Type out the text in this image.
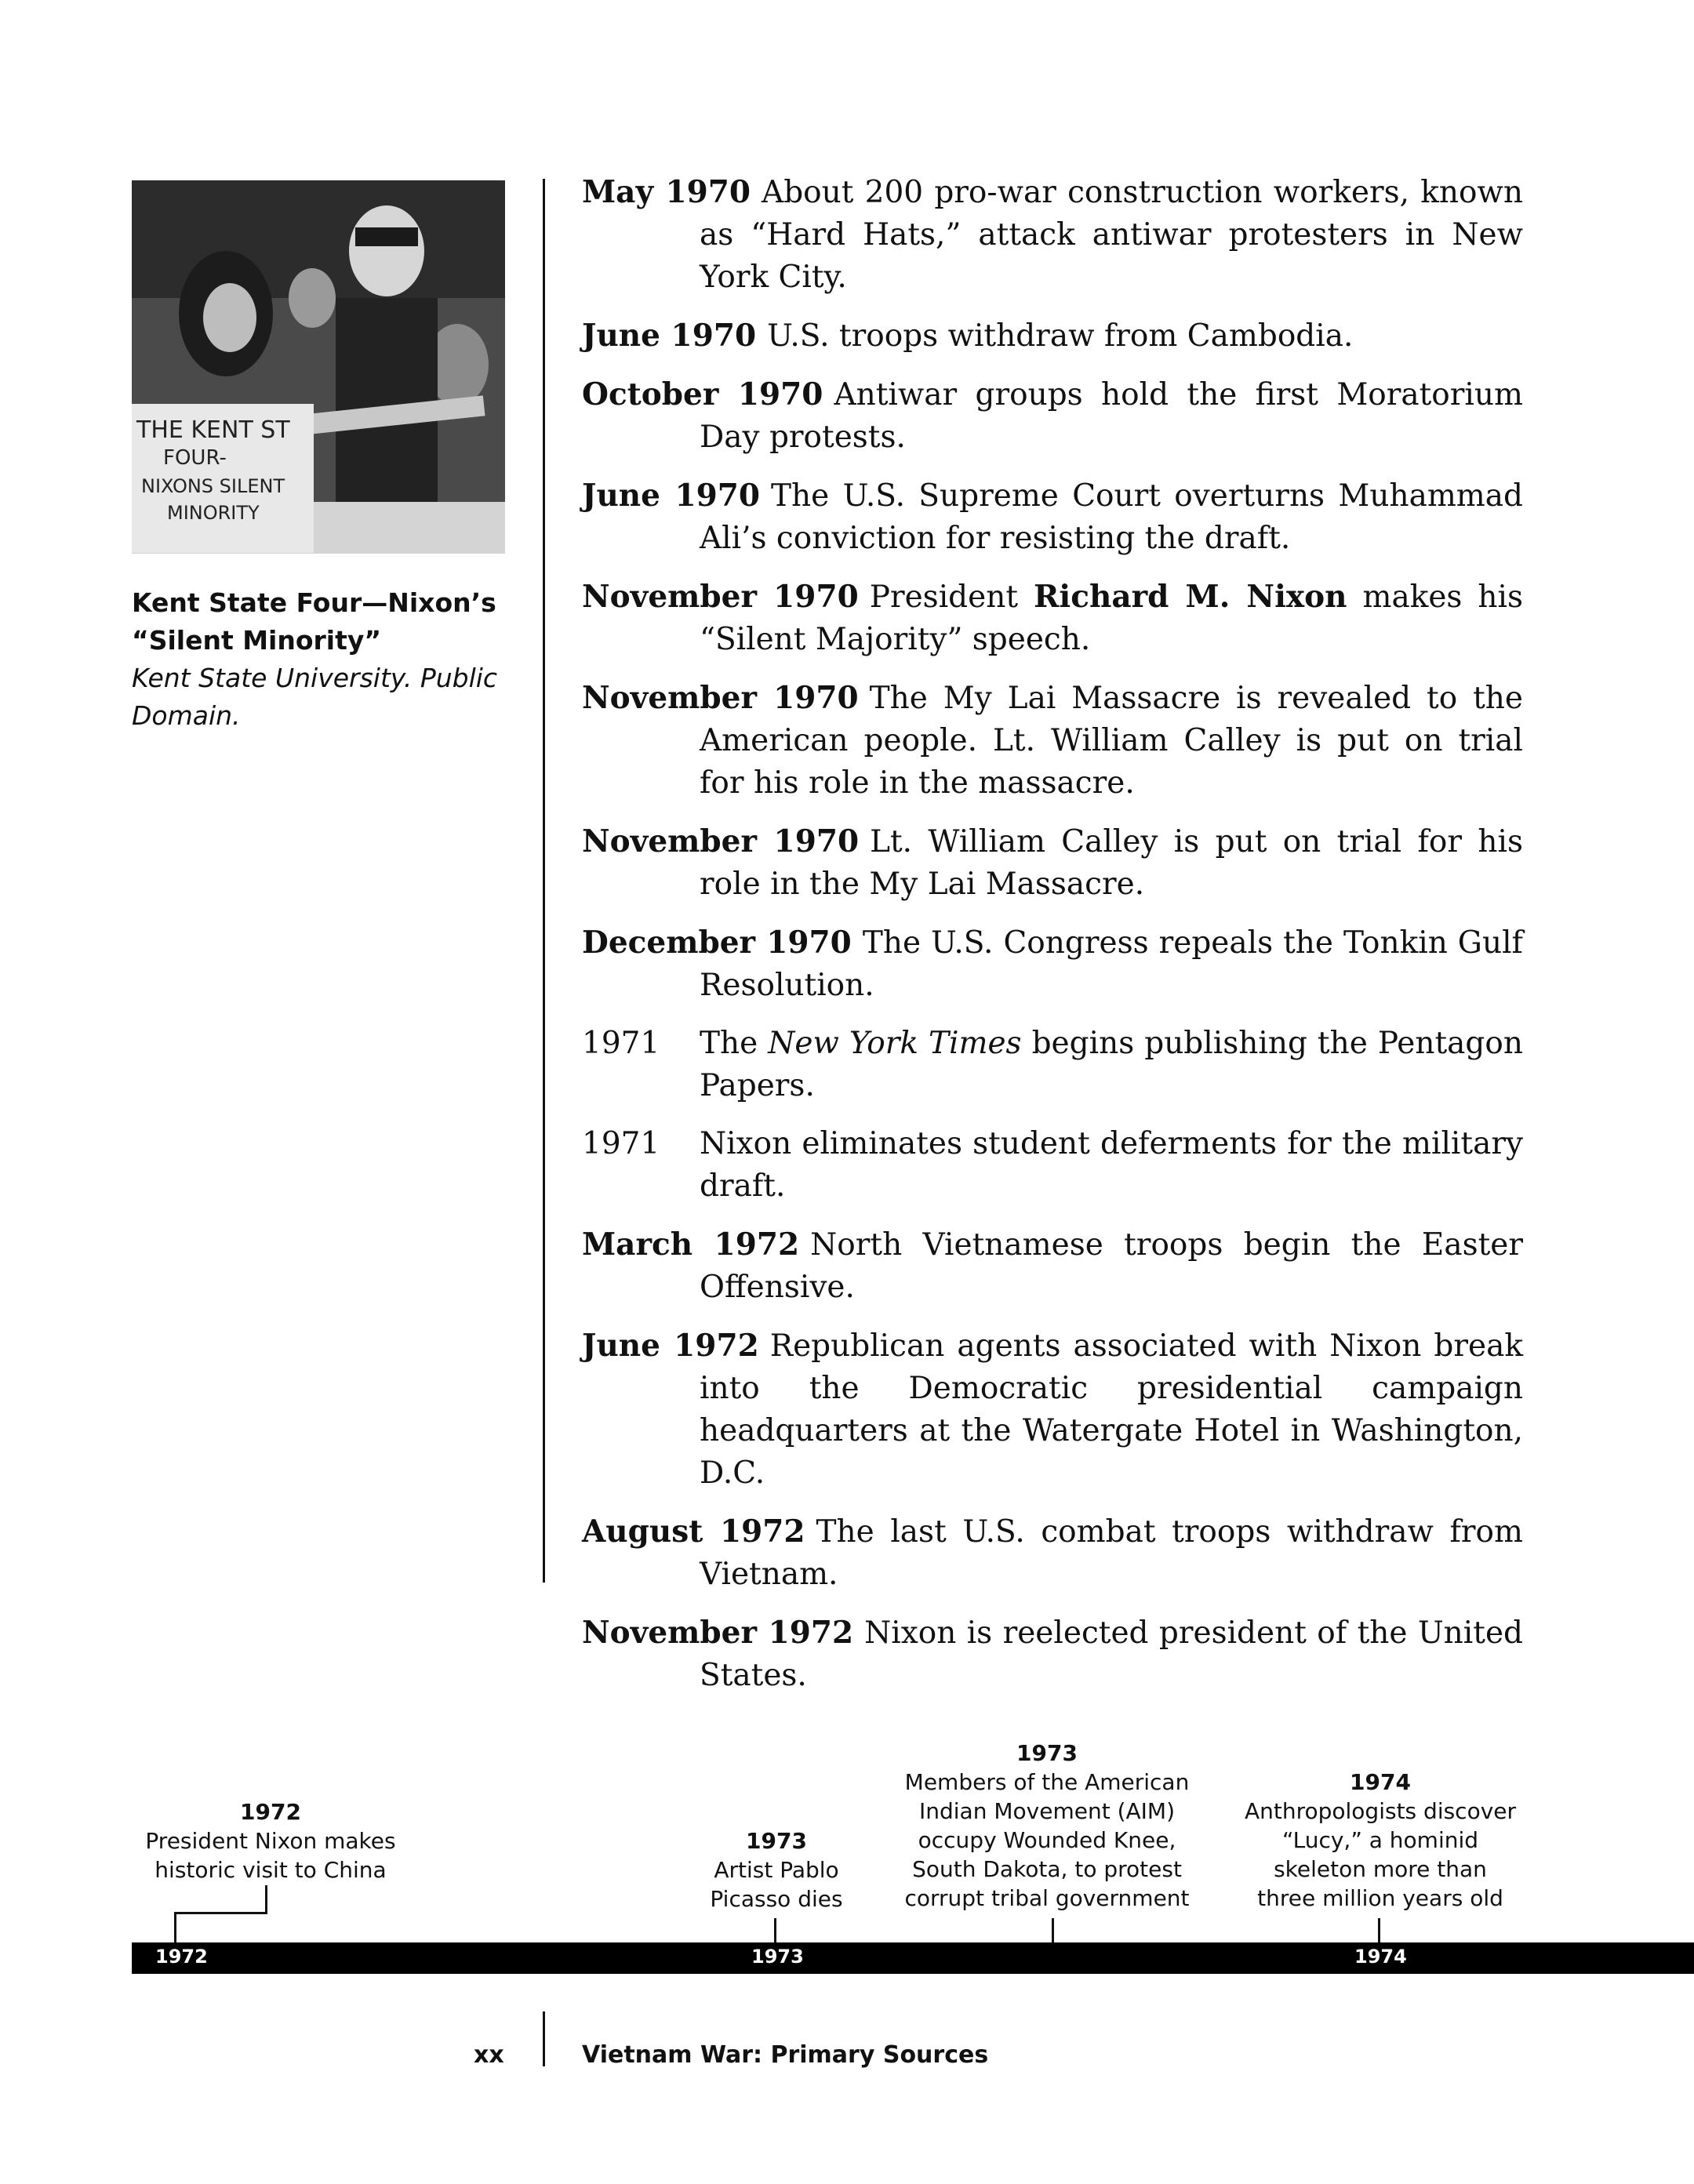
THE KENT ST
FOUR-
NIXONS SILENT
MINORITY
Kent State Four—Nixon’s
“Silent Minority”
Kent State University. Public
Domain.
May 1970 About 200 pro-war construction workers, known as “Hard Hats,” attack antiwar protesters in New York City.
June 1970 U.S. troops withdraw from Cambodia.
October 1970 Antiwar groups hold the first Moratorium Day protests.
June 1970 The U.S. Supreme Court overturns Muhammad Ali’s conviction for resisting the draft.
November 1970 President Richard M. Nixon makes his “Silent Majority” speech.
November 1970 The My Lai Massacre is revealed to the American people. Lt. William Calley is put on trial for his role in the massacre.
November 1970 Lt. William Calley is put on trial for his role in the My Lai Massacre.
December 1970 The U.S. Congress repeals the Tonkin Gulf Resolution.
1971 The New York Times begins publishing the Pentagon Papers.
1971 Nixon eliminates student deferments for the military draft.
March 1972 North Vietnamese troops begin the Easter Offensive.
June 1972 Republican agents associated with Nixon break into the Democratic presidential campaign headquarters at the Watergate Hotel in Washington, D.C.
August 1972 The last U.S. combat troops withdraw from Vietnam.
November 1972 Nixon is reelected president of the United States.
1972
President Nixon makes
historic visit to China
1973
Artist Pablo
Picasso dies
1973
Members of the American
Indian Movement (AIM)
occupy Wounded Knee,
South Dakota, to protest
corrupt tribal government
1974
Anthropologists discover
“Lucy,” a hominid
skeleton more than
three million years old
1972	1973	1974
xx	Vietnam War: Primary Sources
